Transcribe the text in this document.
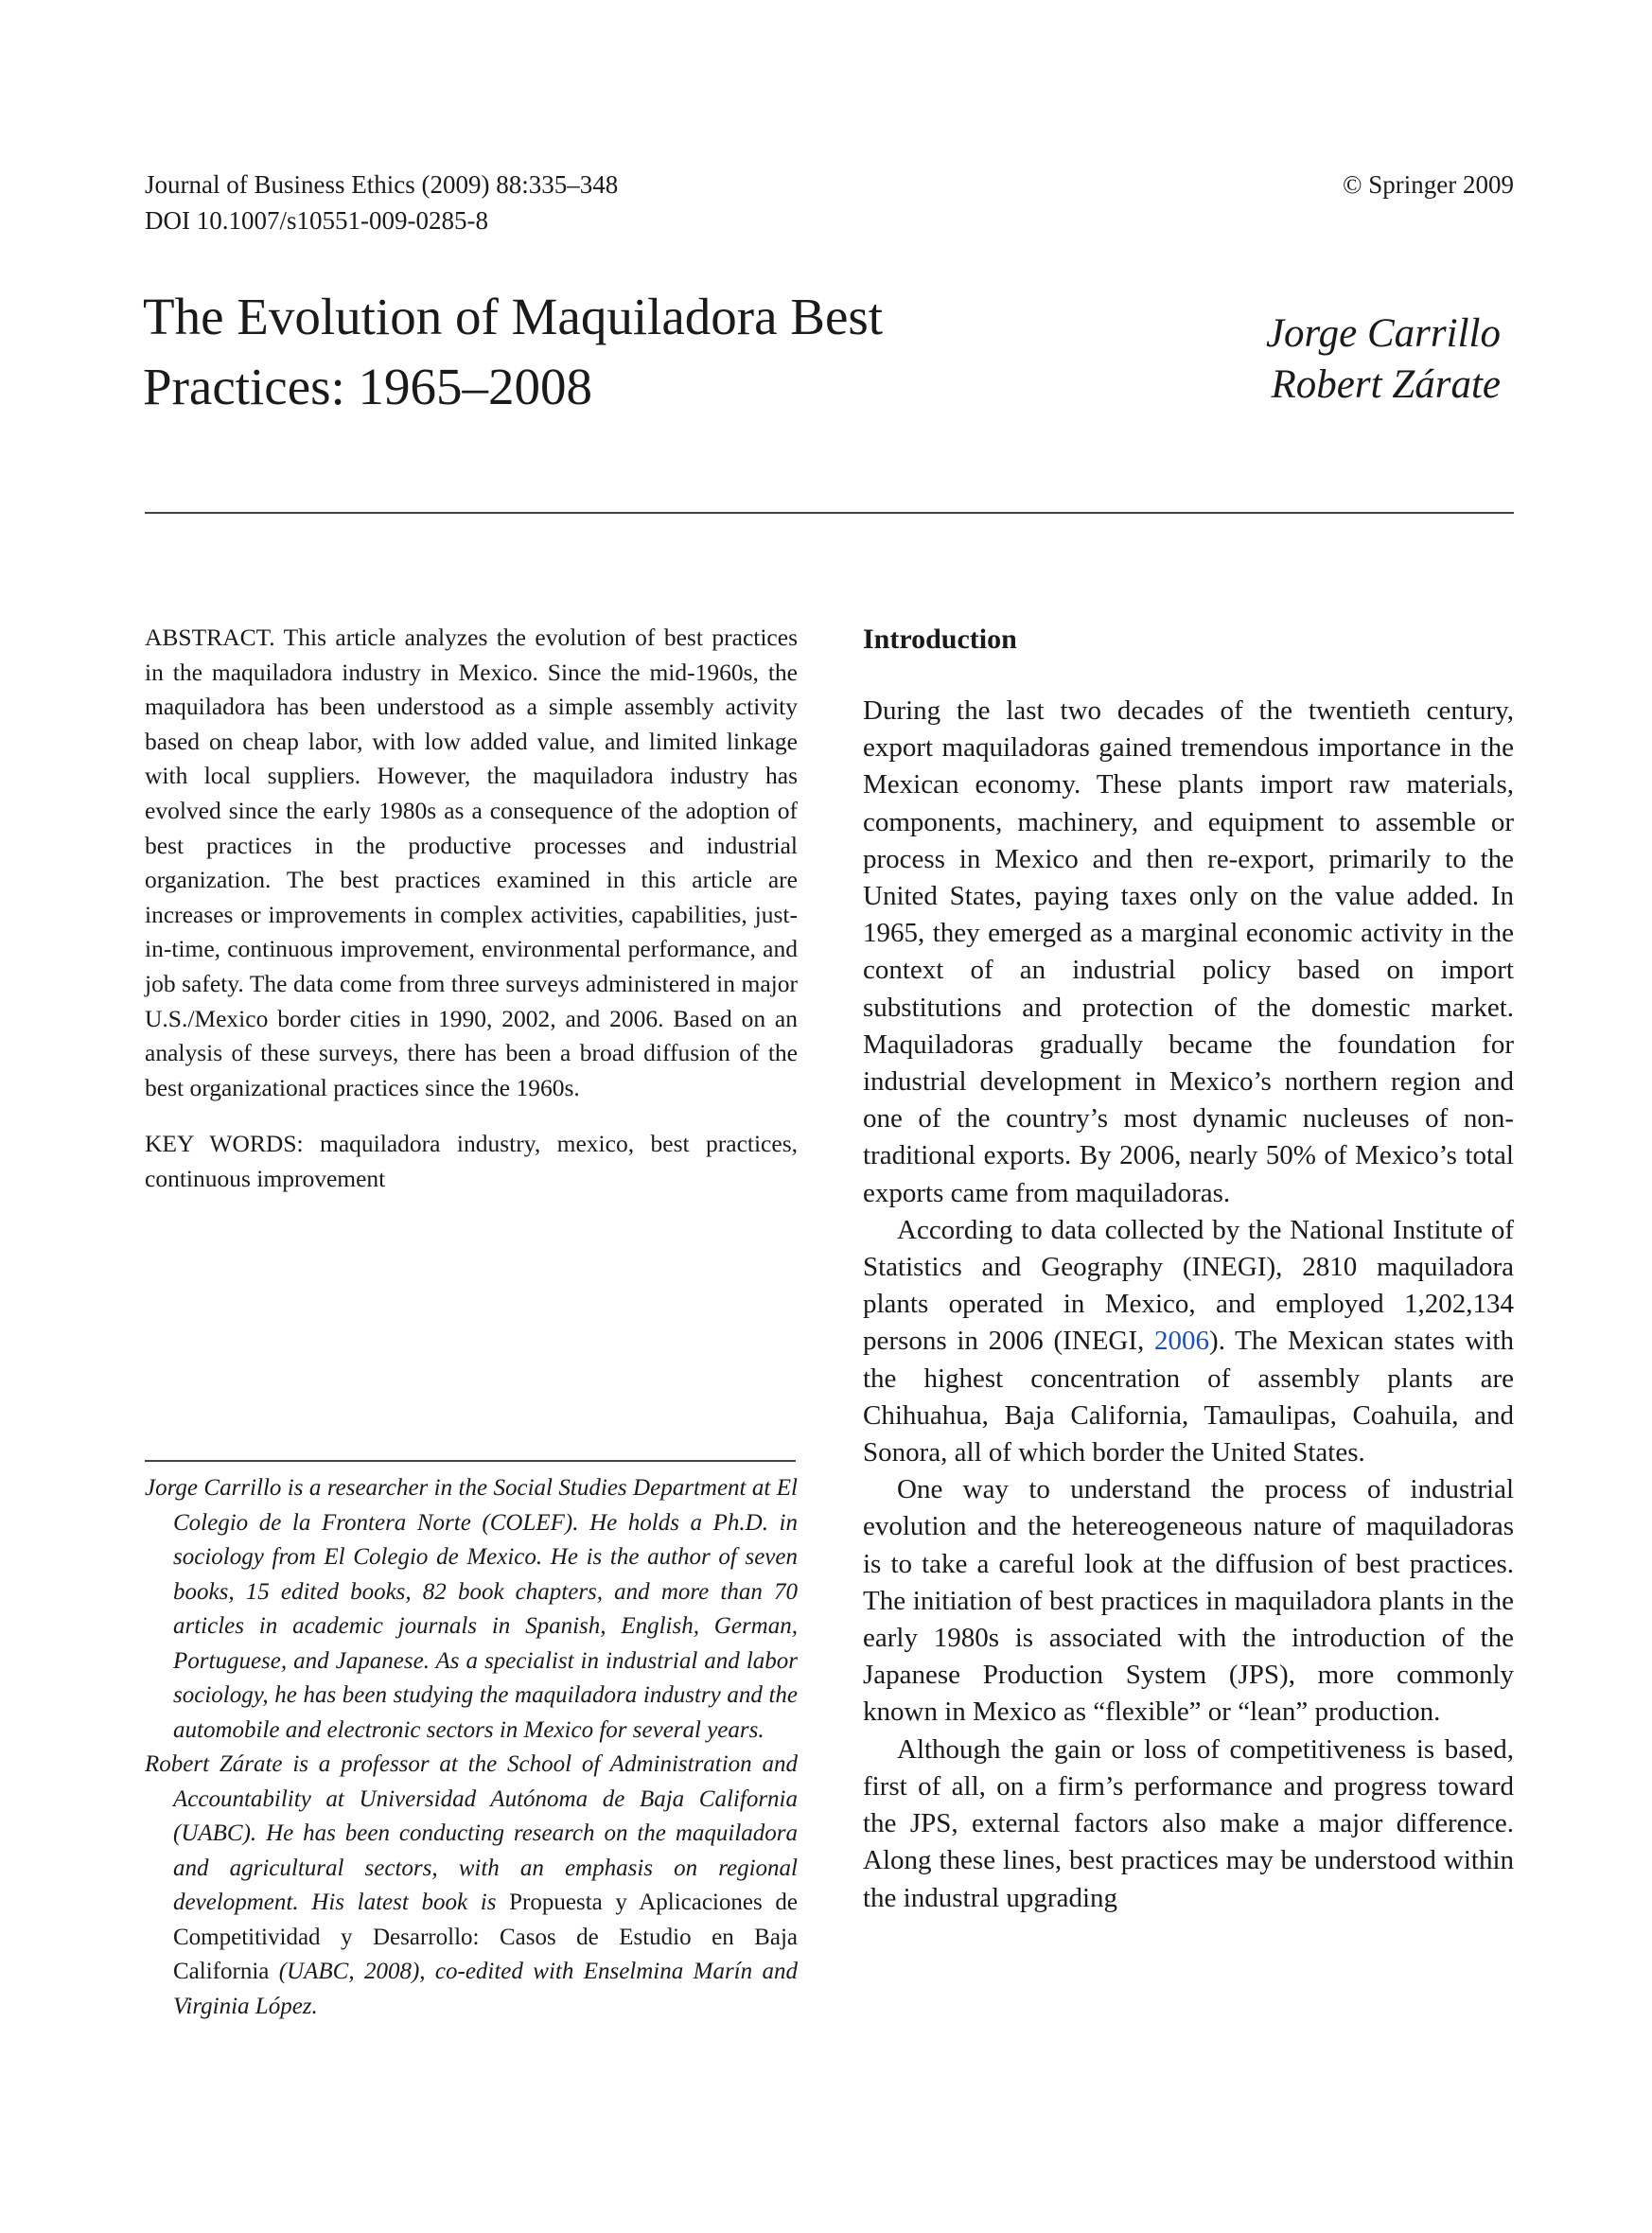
Journal of Business Ethics (2009) 88:335–348
DOI 10.1007/s10551-009-0285-8
© Springer 2009
The Evolution of Maquiladora Best
Practices: 1965–2008
Jorge Carrillo
Robert Zárate

ABSTRACT. This article analyzes the evolution of best practices in the maquiladora industry in Mexico. Since the mid-1960s, the maquiladora has been understood as a simple assembly activity based on cheap labor, with low added value, and limited linkage with local suppliers. However, the maquiladora industry has evolved since the early 1980s as a consequence of the adoption of best practices in the productive processes and industrial organization. The best practices examined in this article are increases or improvements in complex activities, capabilities, just-in-time, continuous improvement, environmental performance, and job safety. The data come from three surveys administered in major U.S./Mexico border cities in 1990, 2002, and 2006. Based on an analysis of these surveys, there has been a broad diffusion of the best organizational practices since the 1960s.

KEY WORDS: maquiladora industry, mexico, best practices, continuous improvement

Jorge Carrillo is a researcher in the Social Studies Department at El Colegio de la Frontera Norte (COLEF). He holds a Ph.D. in sociology from El Colegio de Mexico. He is the author of seven books, 15 edited books, 82 book chapters, and more than 70 articles in academic journals in Spanish, English, German, Portuguese, and Japanese. As a specialist in industrial and labor sociology, he has been studying the maquiladora industry and the automobile and electronic sectors in Mexico for several years.

Robert Zárate is a professor at the School of Administration and Accountability at Universidad Autónoma de Baja California (UABC). He has been conducting research on the maquiladora and agricultural sectors, with an emphasis on regional development. His latest book is Propuesta y Aplicaciones de Competitividad y Desarrollo: Casos de Estudio en Baja California (UABC, 2008), co-edited with Enselmina Marín and Virginia López.

Introduction

During the last two decades of the twentieth century, export maquiladoras gained tremendous importance in the Mexican economy. These plants import raw materials, components, machinery, and equipment to assemble or process in Mexico and then re-export, primarily to the United States, paying taxes only on the value added. In 1965, they emerged as a marginal economic activity in the context of an industrial policy based on import substitutions and protection of the domestic market. Maquiladoras gradually became the foundation for industrial development in Mexico’s northern region and one of the country’s most dynamic nucleuses of non-traditional exports. By 2006, nearly 50% of Mexico’s total exports came from maquiladoras.

According to data collected by the National Institute of Statistics and Geography (INEGI), 2810 maquiladora plants operated in Mexico, and employed 1,202,134 persons in 2006 (INEGI, 2006). The Mexican states with the highest concentration of assembly plants are Chihuahua, Baja California, Tamaulipas, Coahuila, and Sonora, all of which border the United States.

One way to understand the process of industrial evolution and the hetereogeneous nature of maquiladoras is to take a careful look at the diffusion of best practices. The initiation of best practices in maquiladora plants in the early 1980s is associated with the introduction of the Japanese Production System (JPS), more commonly known in Mexico as “flexible” or “lean” production.

Although the gain or loss of competitiveness is based, first of all, on a firm’s performance and progress toward the JPS, external factors also make a major difference. Along these lines, best practices may be understood within the industral upgrading
